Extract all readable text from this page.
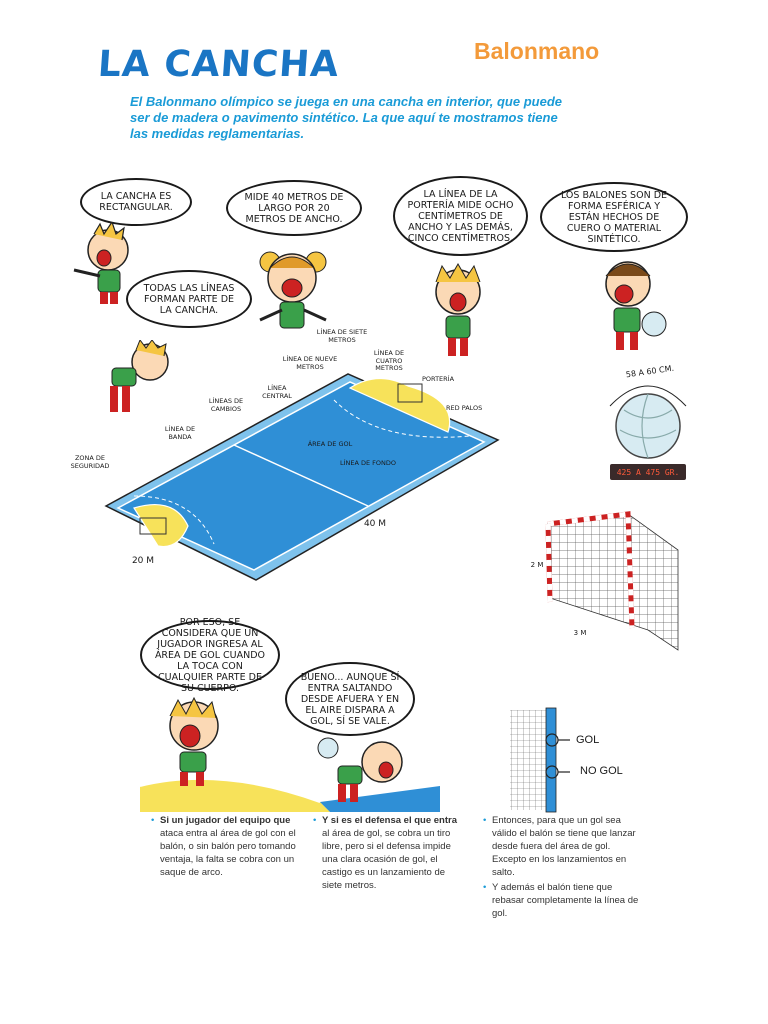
LA CANCHA	Balonmano
El Balonmano olímpico se juega en una cancha en interior, que puede ser de madera o pavimento sintético. La que aquí te mostramos tiene las medidas reglamentarias.
LA CANCHA ES RECTANGULAR.
MIDE 40 METROS DE LARGO POR 20 METROS DE ANCHO.
LA LÍNEA DE LA PORTERÍA MIDE OCHO CENTÍMETROS DE ANCHO Y LAS DEMÁS, CINCO CENTÍMETROS.
LOS BALONES SON DE FORMA ESFÉRICA Y ESTÁN HECHOS DE CUERO O MATERIAL SINTÉTICO.
TODAS LAS LÍNEAS FORMAN PARTE DE LA CANCHA.
LÍNEA DE SIETE METROS
LÍNEA DE NUEVE METROS
LÍNEA DE CUATRO METROS
PORTERÍA
LÍNEA CENTRAL
LÍNEAS DE CAMBIOS
LÍNEA DE BANDA
RED PALOS
ÁREA DE GOL
ZONA DE SEGURIDAD	LÍNEA DE FONDO
40 M
20 M
58 A 60 CM.
425 A 475 GR.
2 M
3 M
POR ESO, SE CONSIDERA QUE UN JUGADOR INGRESA AL ÁREA DE GOL CUANDO LA TOCA CON CUALQUIER PARTE DE SU CUERPO.
BUENO... AUNQUE SÍ ENTRA SALTANDO DESDE AFUERA Y EN EL AIRE DISPARA A GOL, SÍ SE VALE.
GOL
NO GOL
• Si un jugador del equipo que ataca entra al área de gol con el balón, o sin balón pero tomando ventaja, la falta se cobra con un saque de arco.
• Y si es el defensa el que entra al área de gol, se cobra un tiro libre, pero si el defensa impide una clara ocasión de gol, el castigo es un lanzamiento de siete metros.
• Entonces, para que un gol sea válido el balón se tiene que lanzar desde fuera del área de gol. Excepto en los lanzamientos en salto.
• Y además el balón tiene que rebasar completamente la línea de gol.
